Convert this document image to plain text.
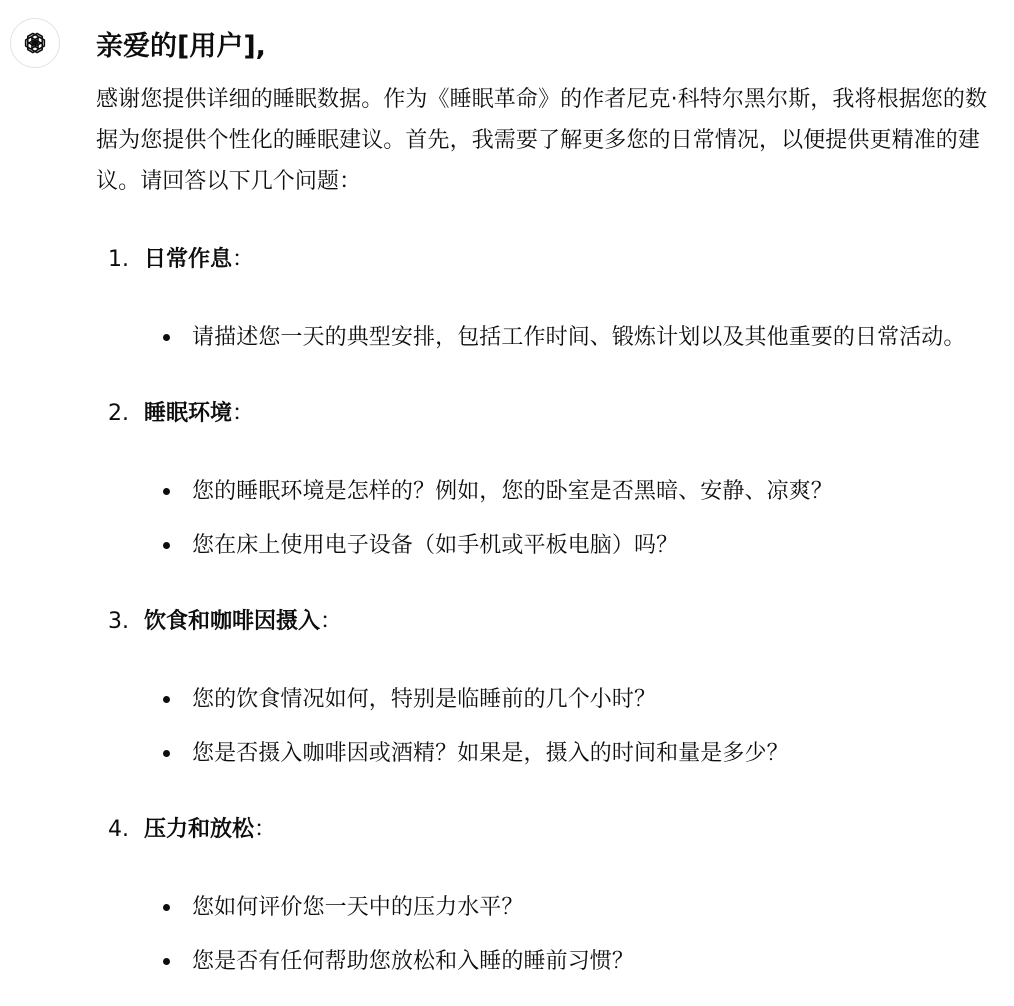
亲爱的[用户],

感谢您提供详细的睡眠数据。作为《睡眠革命》的作者尼克·科特尔黑尔斯，我将根据您的数据为您提供个性化的睡眠建议。首先，我需要了解更多您的日常情况，以便提供更精准的建议。请回答以下几个问题：

1. 日常作息：
请描述您一天的典型安排，包括工作时间、锻炼计划以及其他重要的日常活动。
2. 睡眠环境：
您的睡眠环境是怎样的？例如，您的卧室是否黑暗、安静、凉爽？
您在床上使用电子设备（如手机或平板电脑）吗？
3. 饮食和咖啡因摄入：
您的饮食情况如何，特别是临睡前的几个小时？
您是否摄入咖啡因或酒精？如果是，摄入的时间和量是多少？
4. 压力和放松：
您如何评价您一天中的压力水平？
您是否有任何帮助您放松和入睡的睡前习惯？
